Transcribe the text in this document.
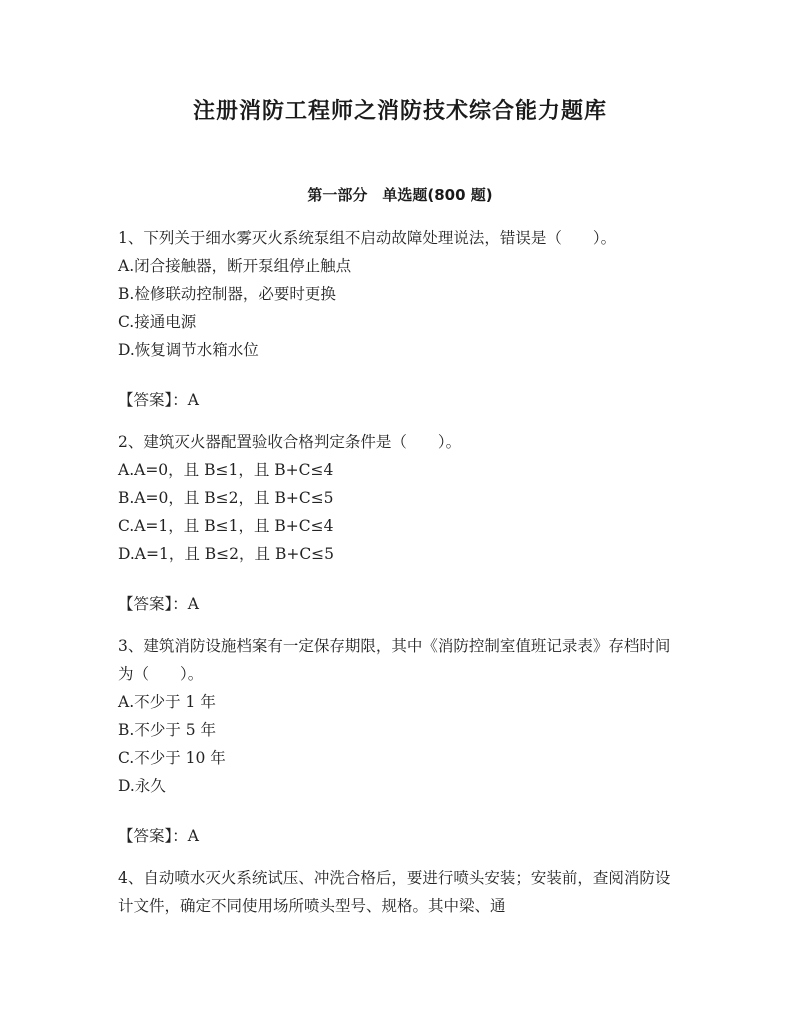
注册消防工程师之消防技术综合能力题库
第一部分　单选题(800 题)

1、下列关于细水雾灭火系统泵组不启动故障处理说法，错误是（　　）。

A.闭合接触器，断开泵组停止触点

B.检修联动控制器，必要时更换

C.接通电源

D.恢复调节水箱水位

【答案】：A

2、建筑灭火器配置验收合格判定条件是（　　）。

A.A=0，且 B≤1，且 B+C≤4

B.A=0，且 B≤2，且 B+C≤5

C.A=1，且 B≤1，且 B+C≤4

D.A=1，且 B≤2，且 B+C≤5

【答案】：A

3、建筑消防设施档案有一定保存期限，其中《消防控制室值班记录表》存档时间为（　　）。

A.不少于 1 年

B.不少于 5 年

C.不少于 10 年

D.永久

【答案】：A

4、自动喷水灭火系统试压、冲洗合格后，要进行喷头安装；安装前，查阅消防设计文件，确定不同使用场所喷头型号、规格。其中梁、通
